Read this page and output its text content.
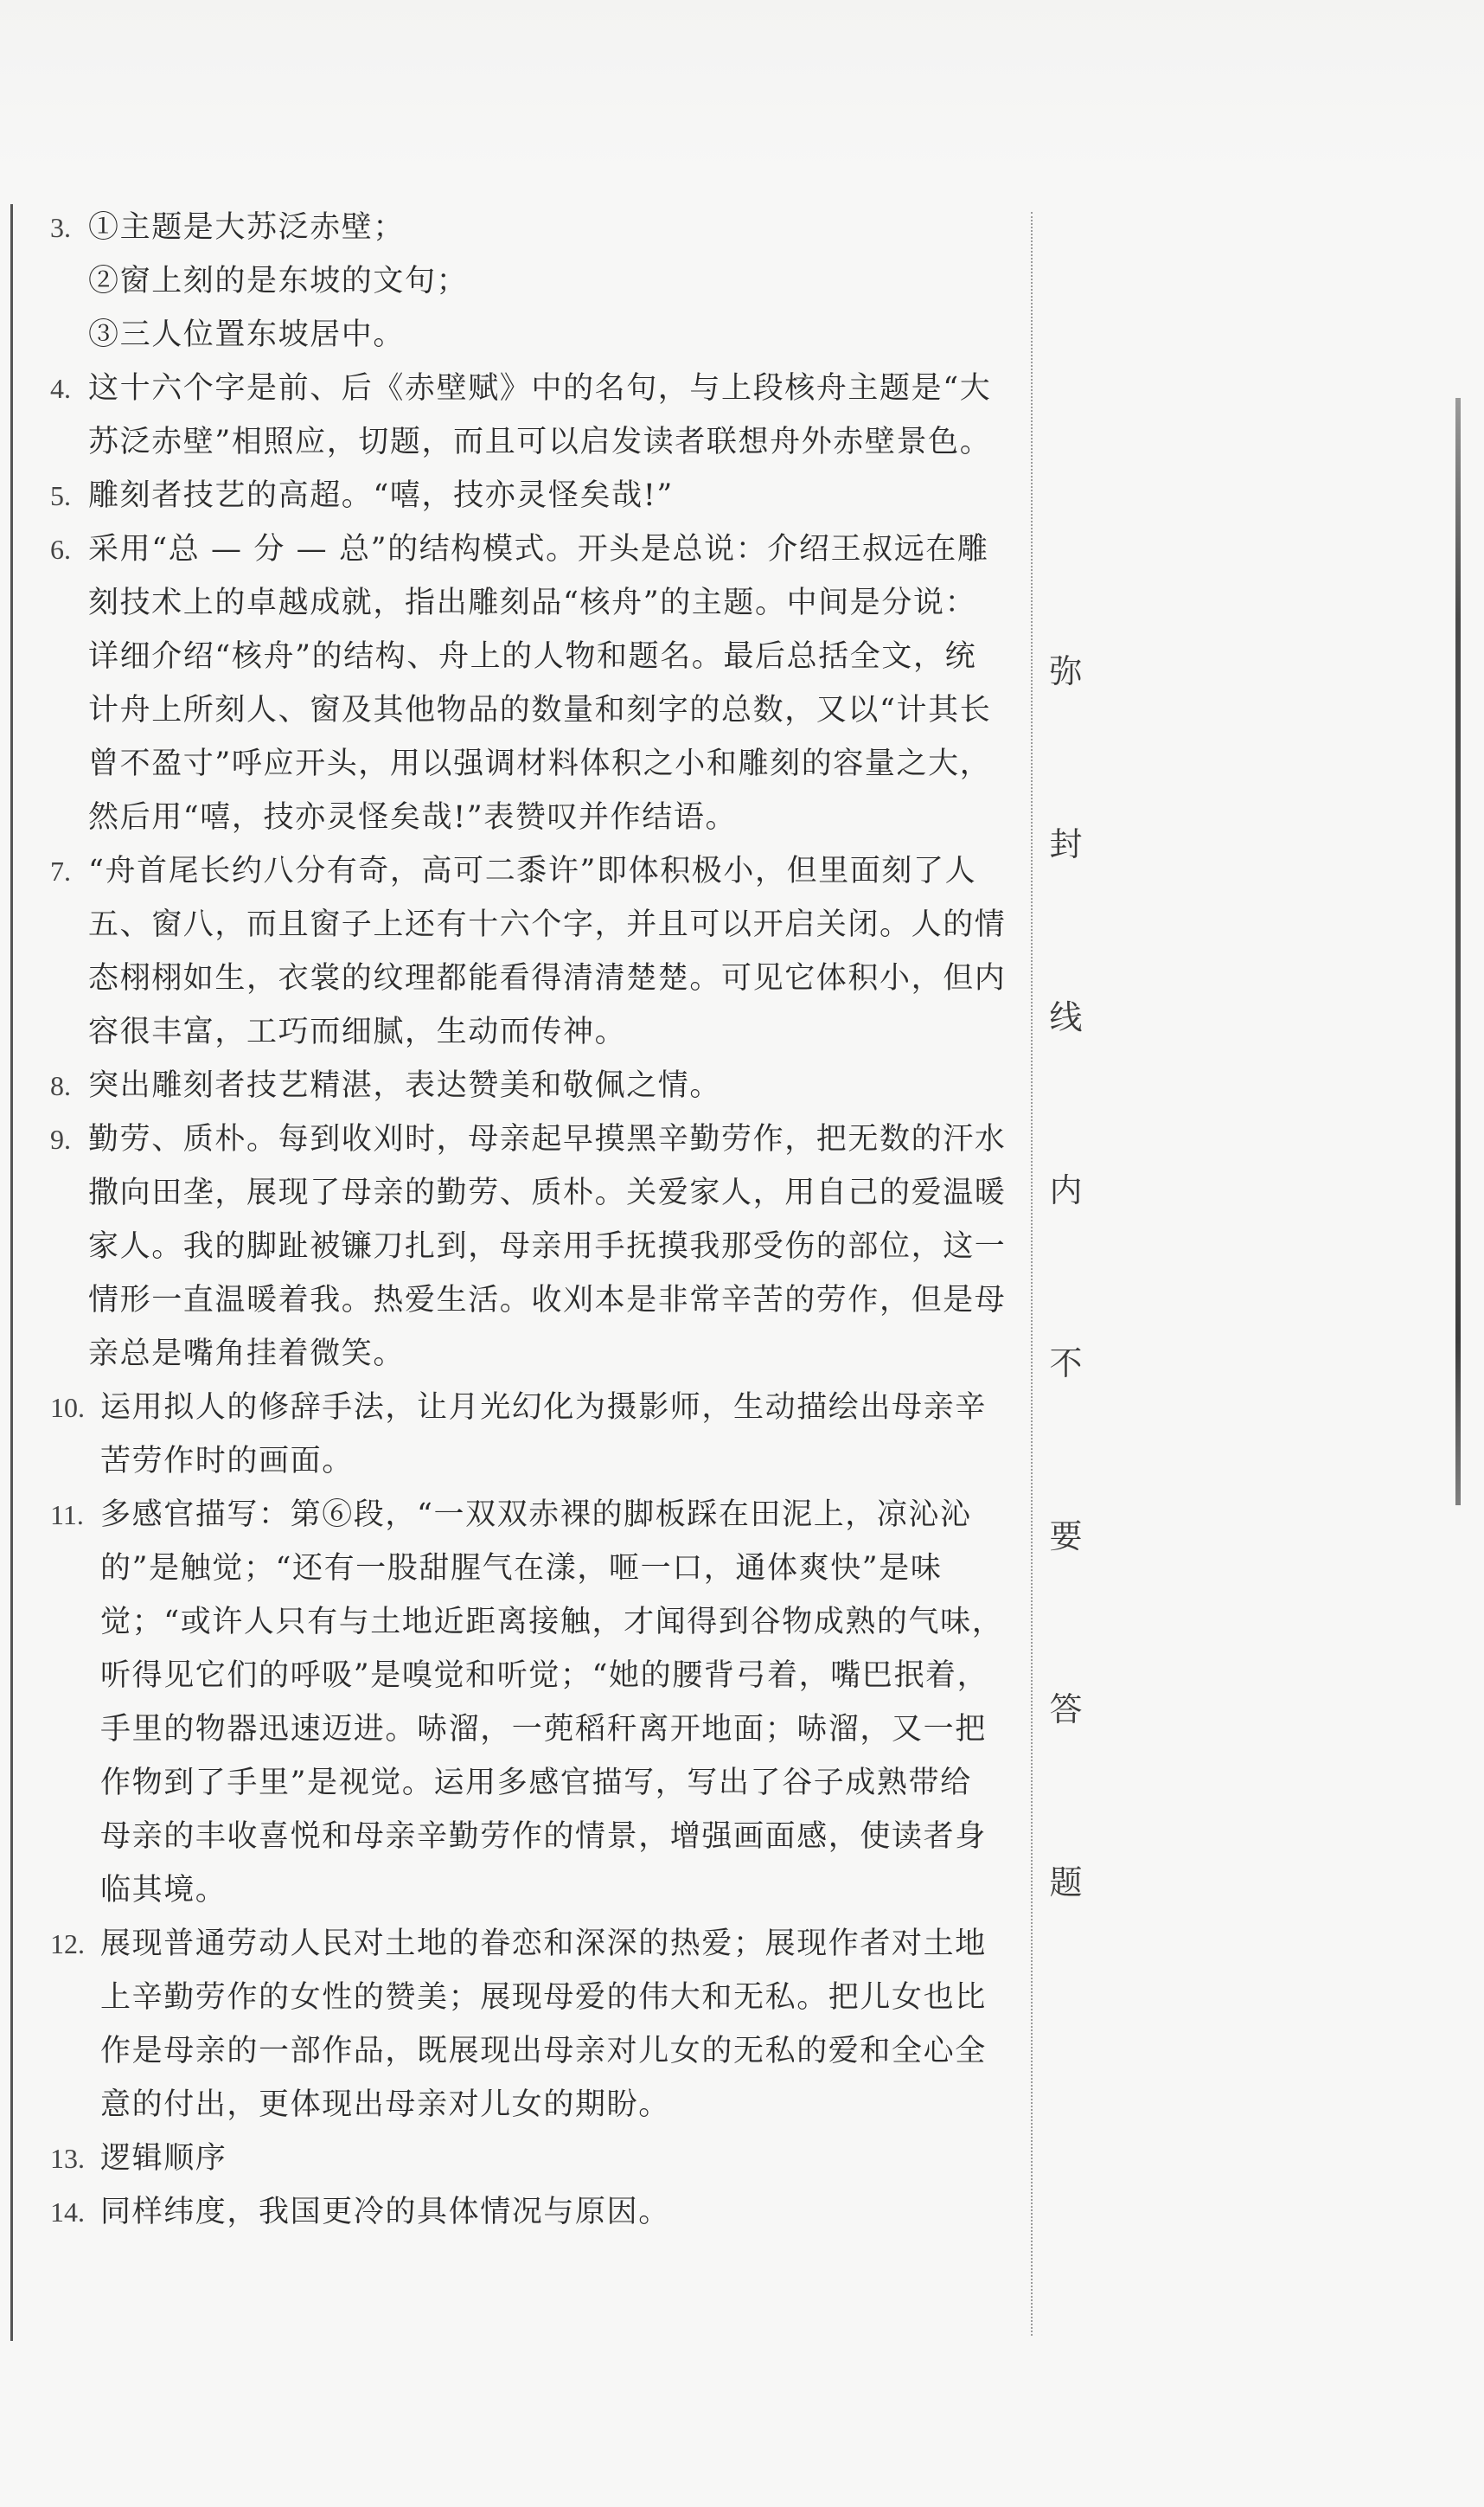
3. ①主题是大苏泛赤壁；
②窗上刻的是东坡的文句；
③三人位置东坡居中。
4. 这十六个字是前、后《赤壁赋》中的名句，与上段核舟主题是“大
苏泛赤壁”相照应，切题，而且可以启发读者联想舟外赤壁景色。
5. 雕刻者技艺的高超。“嘻，技亦灵怪矣哉!”
6. 采用“总 — 分 — 总”的结构模式。开头是总说：介绍王叔远在雕
刻技术上的卓越成就，指出雕刻品“核舟”的主题。中间是分说：
详细介绍“核舟”的结构、舟上的人物和题名。最后总括全文，统
计舟上所刻人、窗及其他物品的数量和刻字的总数，又以“计其长
曾不盈寸”呼应开头，用以强调材料体积之小和雕刻的容量之大，
然后用“嘻，技亦灵怪矣哉!”表赞叹并作结语。
7. “舟首尾长约八分有奇，高可二黍许”即体积极小，但里面刻了人
五、窗八，而且窗子上还有十六个字，并且可以开启关闭。人的情
态栩栩如生，衣裳的纹理都能看得清清楚楚。可见它体积小，但内
容很丰富，工巧而细腻，生动而传神。
8. 突出雕刻者技艺精湛，表达赞美和敬佩之情。
9. 勤劳、质朴。每到收刈时，母亲起早摸黑辛勤劳作，把无数的汗水
撒向田垄，展现了母亲的勤劳、质朴。关爱家人，用自己的爱温暖
家人。我的脚趾被镰刀扎到，母亲用手抚摸我那受伤的部位，这一
情形一直温暖着我。热爱生活。收刈本是非常辛苦的劳作，但是母
亲总是嘴角挂着微笑。
10. 运用拟人的修辞手法，让月光幻化为摄影师，生动描绘出母亲辛
苦劳作时的画面。
11. 多感官描写：第⑥段，“一双双赤裸的脚板踩在田泥上，凉沁沁
的”是触觉；“还有一股甜腥气在漾，咂一口，通体爽快”是味
觉；“或许人只有与土地近距离接触，才闻得到谷物成熟的气味，
听得见它们的呼吸”是嗅觉和听觉；“她的腰背弓着，嘴巴抿着，
手里的物器迅速迈进。哧溜，一蔸稻秆离开地面；哧溜，又一把
作物到了手里”是视觉。运用多感官描写，写出了谷子成熟带给
母亲的丰收喜悦和母亲辛勤劳作的情景，增强画面感，使读者身
临其境。
12. 展现普通劳动人民对土地的眷恋和深深的热爱；展现作者对土地
上辛勤劳作的女性的赞美；展现母爱的伟大和无私。把儿女也比
作是母亲的一部作品，既展现出母亲对儿女的无私的爱和全心全
意的付出，更体现出母亲对儿女的期盼。
13. 逻辑顺序
14. 同样纬度，我国更冷的具体情况与原因。
弥
封
线
内
不
要
答
题
